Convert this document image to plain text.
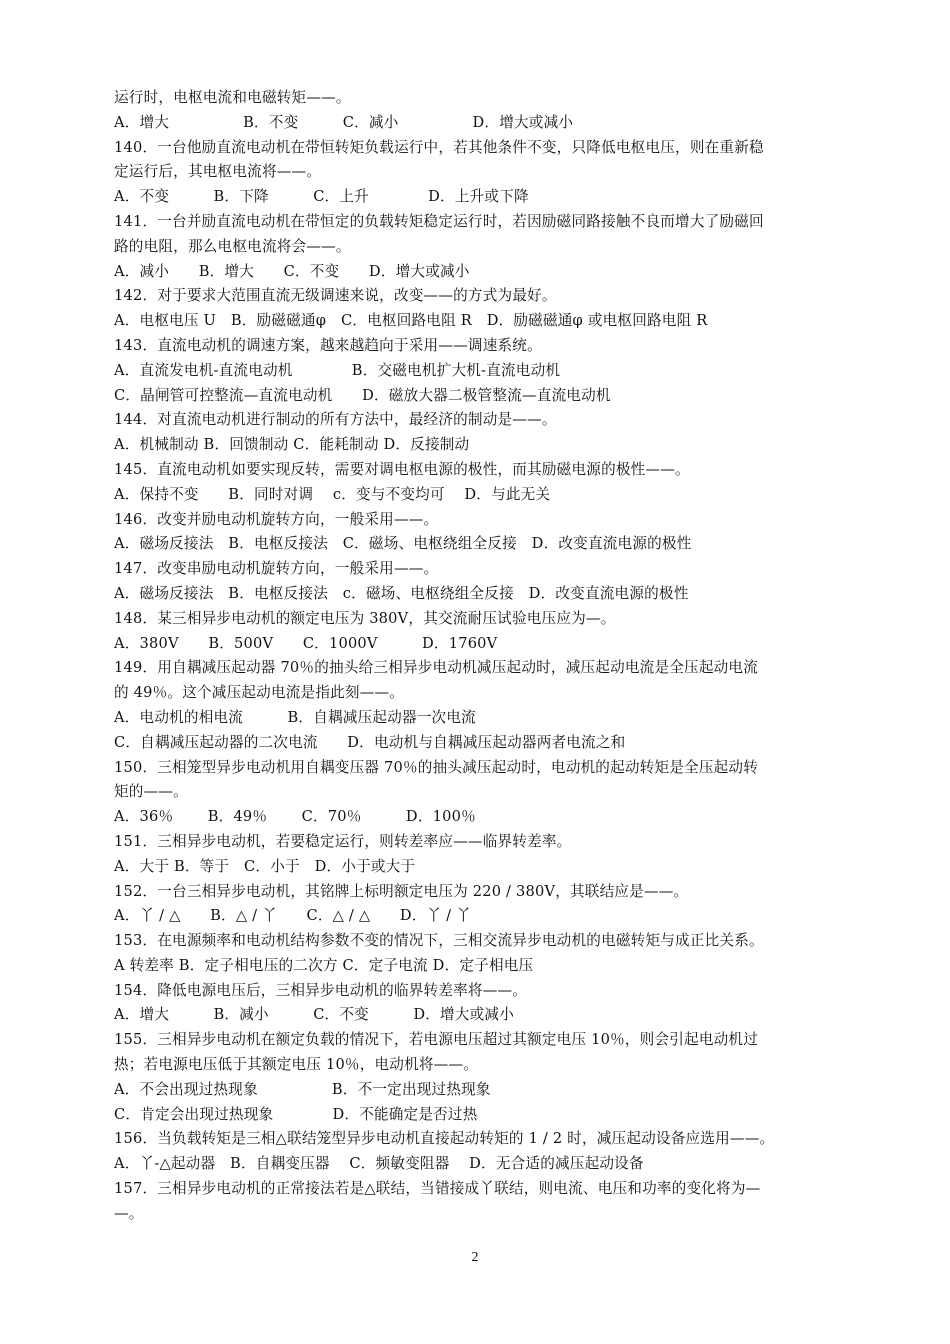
运行时，电枢电流和电磁转矩——。
A．增大　　　　　B．不变　　　C．减小　　　　　D．增大或减小
140．一台他励直流电动机在带恒转矩负载运行中，若其他条件不变，只降低电枢电压，则在重新稳
定运行后，其电枢电流将——。
A．不变　　　B．下降　　　C．上升　　　　D．上升或下降
141．一台并励直流电动机在带恒定的负载转矩稳定运行时，若因励磁同路接触不良而增大了励磁回
路的电阻，那么电枢电流将会——。
A．减小　　B．增大　　C．不变　　D．增大或减小
142．对于要求大范围直流无级调速来说，改变——的方式为最好。
A．电枢电压 U　B．励磁磁通φ　C．电枢回路电阻 R　D．励磁磁通φ 或电枢回路电阻 R
143．直流电动机的调速方案，越来越趋向于采用——调速系统。
A．直流发电机-直流电动机　　　　B．交磁电机扩大机-直流电动机
C．晶闸管可控整流—直流电动机　　D．磁放大器二极管整流—直流电动机
144．对直流电动机进行制动的所有方法中，最经济的制动是——。
A．机械制动 B．回馈制动 C．能耗制动 D．反接制动
145．直流电动机如要实现反转，需要对调电枢电源的极性，而其励磁电源的极性——。
A．保持不变　　B．同时对调　 c．变与不变均可　 D．与此无关
146．改变并励电动机旋转方向，一般采用——。
A．磁场反接法　B．电枢反接法　C．磁场、电枢绕组全反接　D．改变直流电源的极性
147．改变串励电动机旋转方向，一般采用——。
A．磁场反接法　B．电枢反接法　c．磁场、电枢绕组全反接　D．改变直流电源的极性
148．某三相异步电动机的额定电压为 380V，其交流耐压试验电压应为—。
A．380V　　B．500V　　C．1000V　　　D．1760V
149．用自耦减压起动器 70％的抽头给三相异步电动机减压起动时，减压起动电流是全压起动电流
的 49％。这个减压起动电流是指此刻——。
A．电动机的相电流　　　B．自耦减压起动器一次电流
C．自耦减压起动器的二次电流　　D．电动机与自耦减压起动器两者电流之和
150．三相笼型异步电动机用自耦变压器 70％的抽头减压起动时，电动机的起动转矩是全压起动转
矩的——。
A．36％　　 B．49％　　 C．70％　　　D．100％
151．三相异步电动机，若要稳定运行，则转差率应——临界转差率。
A．大于 B．等于　C．小于　D．小于或大于
152．一台三相异步电动机，其铭牌上标明额定电压为 220 / 380V，其联结应是——。
A．丫 / △　　B．△ / 丫　　C．△ / △　　D．丫 / 丫
153．在电源频率和电动机结构参数不变的情况下，三相交流异步电动机的电磁转矩与成正比关系。
A 转差率 B．定子相电压的二次方 C．定子电流 D．定子相电压
154．降低电源电压后，三相异步电动机的临界转差率将——。
A．增大　　　B．减小　　　C．不变　　　D．增大或减小
155．三相异步电动机在额定负载的情况下，若电源电压超过其额定电压 10％，则会引起电动机过
热；若电源电压低于其额定电压 10％，电动机将——。
A．不会出现过热现象　　　　　B．不一定出现过热现象
C．肯定会出现过热现象　　　　D．不能确定是否过热
156．当负载转矩是三相△联结笼型异步电动机直接起动转矩的 1 / 2 时，减压起动设备应选用——。
A．丫-△起动器　B．自耦变压器　 C．频敏变阻器　 D．无合适的减压起动设备
157．三相异步电动机的正常接法若是△联结，当错接成丫联结，则电流、电压和功率的变化将为—
—。
2
